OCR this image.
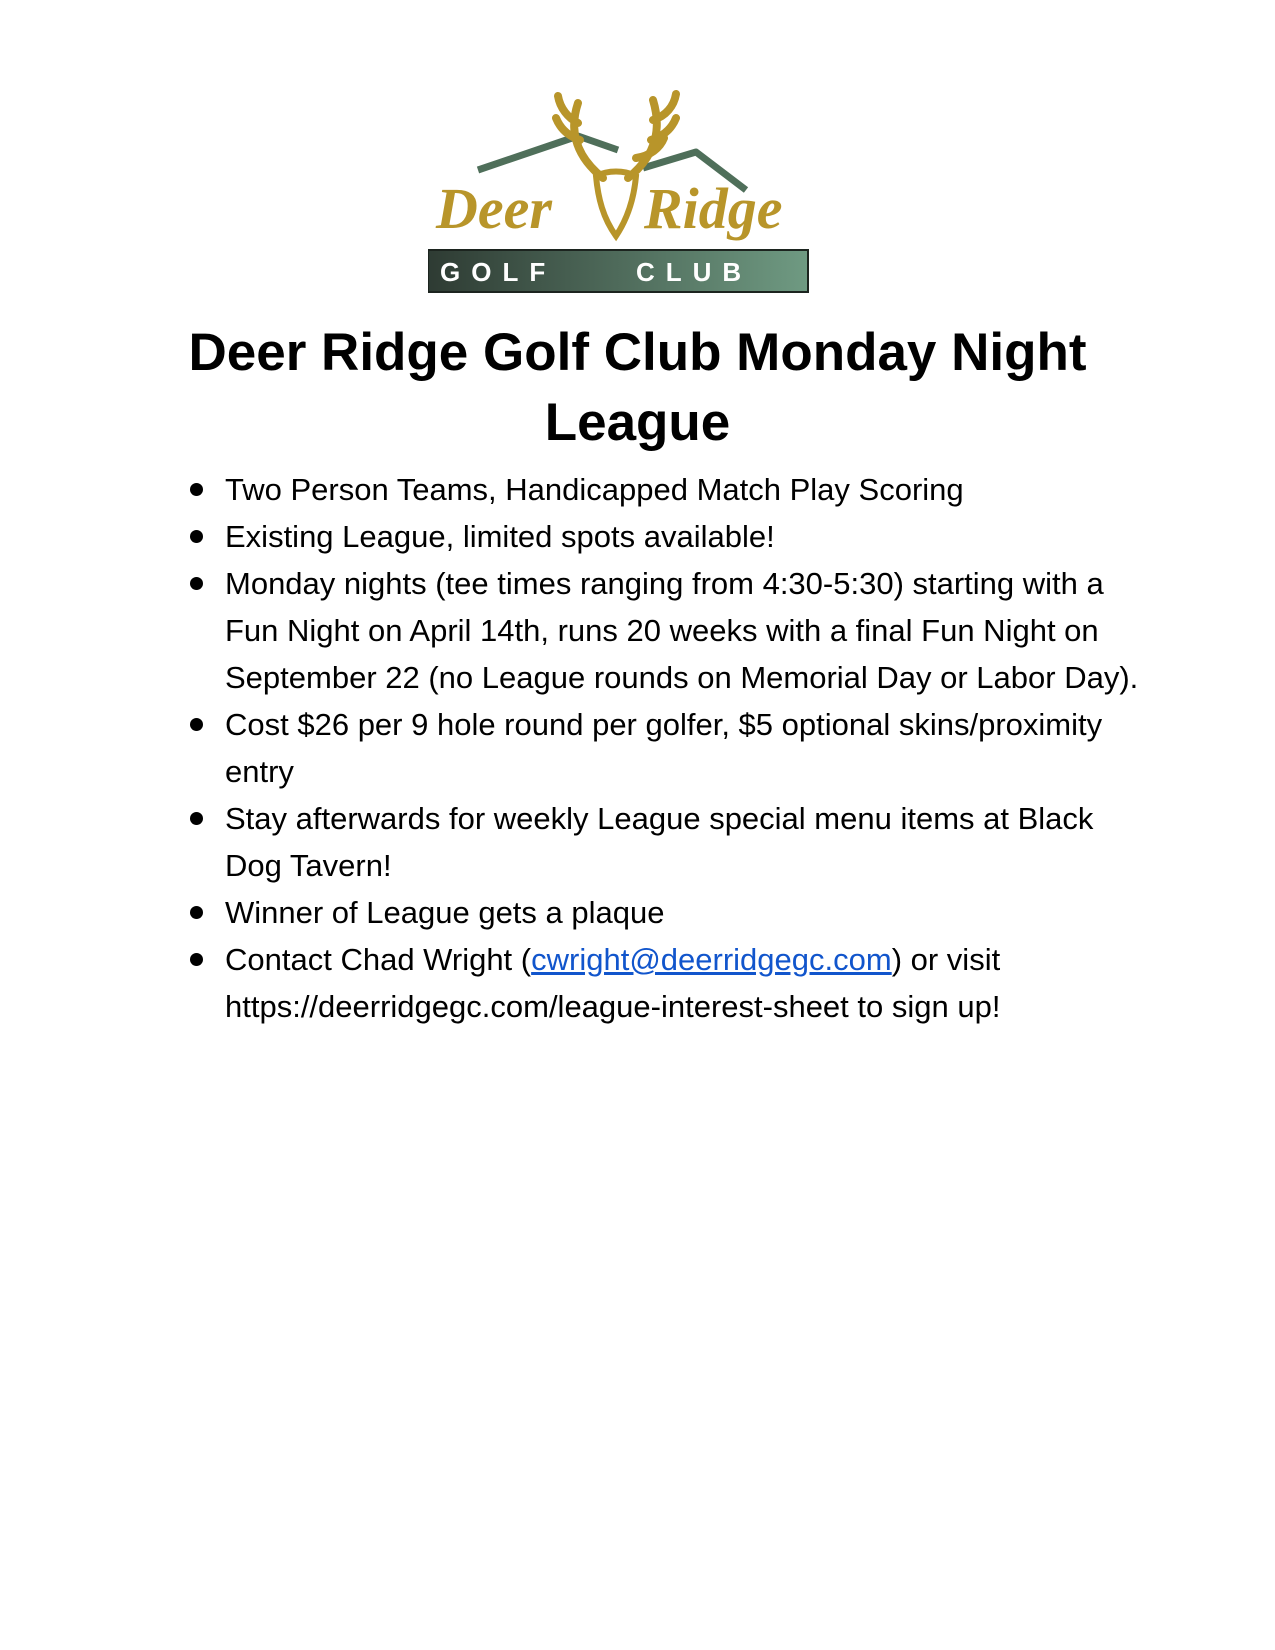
Deer Ridge
GOLF	CLUB
Deer Ridge Golf Club Monday Night League
Two Person Teams, Handicapped Match Play Scoring
Existing League, limited spots available!
Monday nights (tee times ranging from 4:30-5:30) starting with a Fun Night on April 14th, runs 20 weeks with a final Fun Night on September 22 (no League rounds on Memorial Day or Labor Day).
Cost $26 per 9 hole round per golfer, $5 optional skins/proximity entry
Stay afterwards for weekly League special menu items at Black Dog Tavern!
Winner of League gets a plaque
Contact Chad Wright (cwright@deerridgegc.com) or visit https://deerridgegc.com/league-interest-sheet to sign up!
